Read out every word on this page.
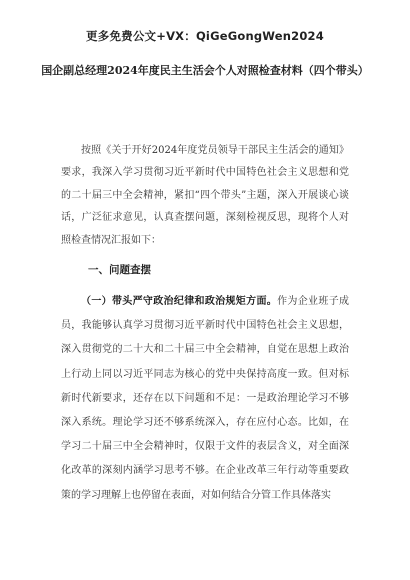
更多免费公文+VX：QiGeGongWen2024
国企副总经理2024年度民主生活会个人对照检查材料（四个带头）

按照《关于开好2024年度党员领导干部民主生活会的通知》要求，我深入学习贯彻习近平新时代中国特色社会主义思想和党的二十届三中全会精神，紧扣“四个带头”主题，深入开展谈心谈话，广泛征求意见，认真查摆问题，深刻检视反思，现将个人对照检查情况汇报如下：

一、问题查摆

（一）带头严守政治纪律和政治规矩方面。作为企业班子成员，我能够认真学习贯彻习近平新时代中国特色社会主义思想，深入贯彻党的二十大和二十届三中全会精神，自觉在思想上政治上行动上同以习近平同志为核心的党中央保持高度一致。但对标新时代新要求，还存在以下问题和不足：一是政治理论学习不够深入系统。理论学习还不够系统深入，存在应付心态。比如，在学习二十届三中全会精神时，仅限于文件的表层含义，对全面深化改革的深刻内涵学习思考不够。在企业改革三年行动等重要政策的学习理解上也停留在表面，对如何结合分管工作具体落实
